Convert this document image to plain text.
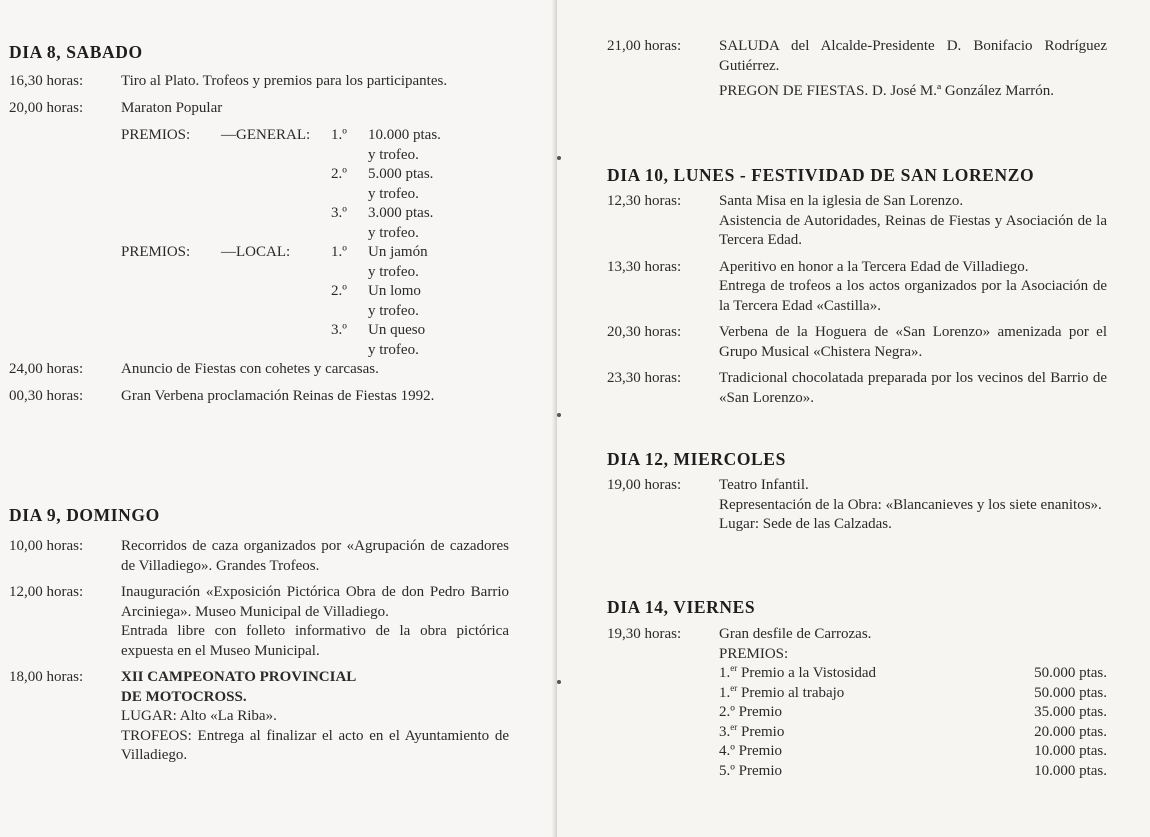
DIA 8, SABADO
16,30 horas:	Tiro al Plato. Trofeos y premios para los participantes.
20,00 horas:	Maraton Popular
PREMIOS:	—GENERAL:	1.º	10.000 ptas.
y trofeo.
2.º	5.000 ptas.
y trofeo.
3.º	3.000 ptas.
y trofeo.
PREMIOS:	—LOCAL:	1.º	Un jamón
y trofeo.
2.º	Un lomo
y trofeo.
3.º	Un queso
y trofeo.
24,00 horas:	Anuncio de Fiestas con cohetes y carcasas.
00,30 horas:	Gran Verbena proclamación Reinas de Fiestas 1992.
DIA 9, DOMINGO
10,00 horas:	Recorridos de caza organizados por «Agrupación de cazadores de Villadiego». Grandes Trofeos.
12,00 horas:	Inauguración «Exposición Pictórica Obra de don Pedro Barrio Arciniega». Museo Municipal de Villadiego.

Entrada libre con folleto informativo de la obra pictórica expuesta en el Museo Municipal.

18,00 horas:	XII CAMPEONATO PROVINCIAL

DE MOTOCROSS.

LUGAR: Alto «La Riba».

TROFEOS: Entrega al finalizar el acto en el Ayuntamiento de Villadiego.

21,00 horas:	SALUDA del Alcalde-Presidente D. Bonifacio Rodríguez Gutiérrez.

PREGON DE FIESTAS. D. José M.ª González Marrón.

DIA 10, LUNES - FESTIVIDAD DE SAN LORENZO
12,30 horas:	Santa Misa en la iglesia de San Lorenzo.

Asistencia de Autoridades, Reinas de Fiestas y Asociación de la Tercera Edad.

13,30 horas:	Aperitivo en honor a la Tercera Edad de Villadiego.

Entrega de trofeos a los actos organizados por la Asociación de la Tercera Edad «Castilla».

20,30 horas:	Verbena de la Hoguera de «San Lorenzo» amenizada por el Grupo Musical «Chistera Negra».
23,30 horas:	Tradicional chocolatada preparada por los vecinos del Barrio de «San Lorenzo».
DIA 12, MIERCOLES
19,00 horas:	Teatro Infantil.

Representación de la Obra: «Blancanieves y los siete enanitos».

Lugar: Sede de las Calzadas.

DIA 14, VIERNES
19,30 horas:	Gran desfile de Carrozas.

PREMIOS:

1.$^{er}$ Premio a la Vistosidad	50.000 ptas.
1.$^{er}$ Premio al trabajo	50.000 ptas.
2.º Premio	35.000 ptas.
3.$^{er}$ Premio	20.000 ptas.
4.º Premio	10.000 ptas.
5.º Premio	10.000 ptas.
